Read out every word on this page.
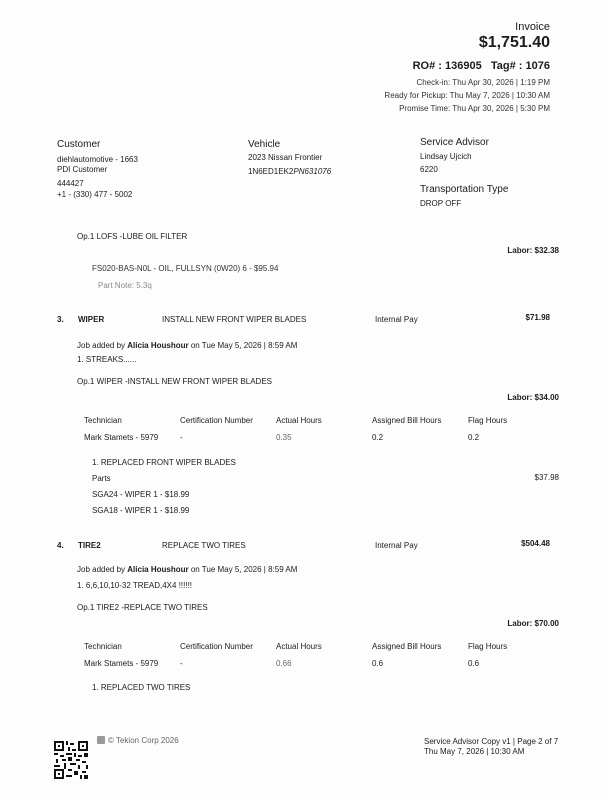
Invoice
$1,751.40
RO# : 136905 Tag# : 1076
Check-in: Thu Apr 30, 2026 | 1:19 PM
Ready for Pickup: Thu May 7, 2026 | 10:30 AM
Promise Time: Thu Apr 30, 2026 | 5:30 PM
Customer
diehlautomotive - 1663
PDI Customer
444427
+1 - (330) 477 - 5002
Vehicle
2023 Nissan Frontier
1N6ED1EK2PN631076
Service Advisor
Lindsay Ujcich
6220
Transportation Type
DROP OFF
Op.1 LOFS -LUBE OIL FILTER
Labor: $32.38
FS020-BAS-N0L - OIL, FULLSYN (0W20) 6 - $95.94
Part Note: 5.3q
3. WIPER	INSTALL NEW FRONT WIPER BLADES	Internal Pay	$71.98
Job added by Alicia Houshour on Tue May 5, 2026 | 8:59 AM
1. STREAKS......
Op.1 WIPER -INSTALL NEW FRONT WIPER BLADES
Labor: $34.00
Technician	Certification Number	Actual Hours	Assigned Bill Hours	Flag Hours
Mark Stamets - 5979	-	0.35	0.2	0.2
1. REPLACED FRONT WIPER BLADES
Parts	$37.98
SGA24 - WIPER 1 - $18.99
SGA18 - WIPER 1 - $18.99
4. TIRE2	REPLACE TWO TIRES	Internal Pay	$504.48
Job added by Alicia Houshour on Tue May 5, 2026 | 8:59 AM
1. 6,6,10,10-32 TREAD,4X4 !!!!!!
Op.1 TIRE2 -REPLACE TWO TIRES
Labor: $70.00
Technician	Certification Number	Actual Hours	Assigned Bill Hours	Flag Hours
Mark Stamets - 5979	-	0.66	0.6	0.6
1. REPLACED TWO TIRES
© Tekion Corp 2026	Service Advisor Copy v1 | Page 2 of 7
Thu May 7, 2026 | 10:30 AM
